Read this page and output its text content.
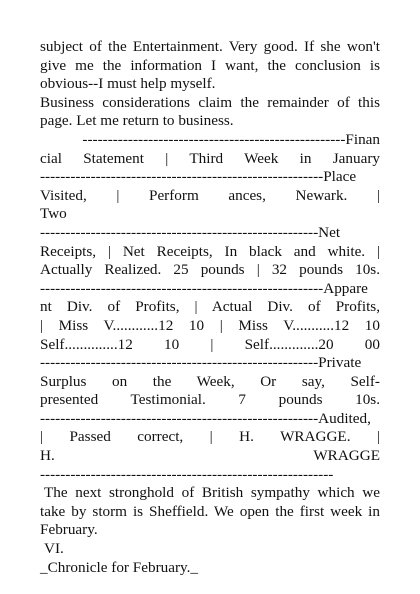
subject of the Entertainment. Very good. If she won't
give me the information I want, the conclusion is
obvious--I must help myself.
Business considerations claim the remainder of this
page. Let me return to business.
----------------------------------------------------Finan
cial Statement | Third Week in January
--------------------------------------------------------Place
Visited, | Perform ances, Newark. |
Two
-------------------------------------------------------Net
Receipts, | Net Receipts, In black and white. |
Actually Realized. 25 pounds | 32 pounds 10s.
--------------------------------------------------------Appare
nt Div. of Profits, | Actual Div. of Profits,
| Miss V............12 10 | Miss V...........12 10
Self..............12 10 | Self.............20 00
-------------------------------------------------------Private
Surplus on the Week, Or say, Self-
presented Testimonial. 7 pounds 10s.
-------------------------------------------------------Audited,
| Passed correct, | H. WRAGGE. |
H. WRAGGE
----------------------------------------------------------
The next stronghold of British sympathy which we
take by storm is Sheffield. We open the first week in
February.
VI.
_Chronicle for February._
